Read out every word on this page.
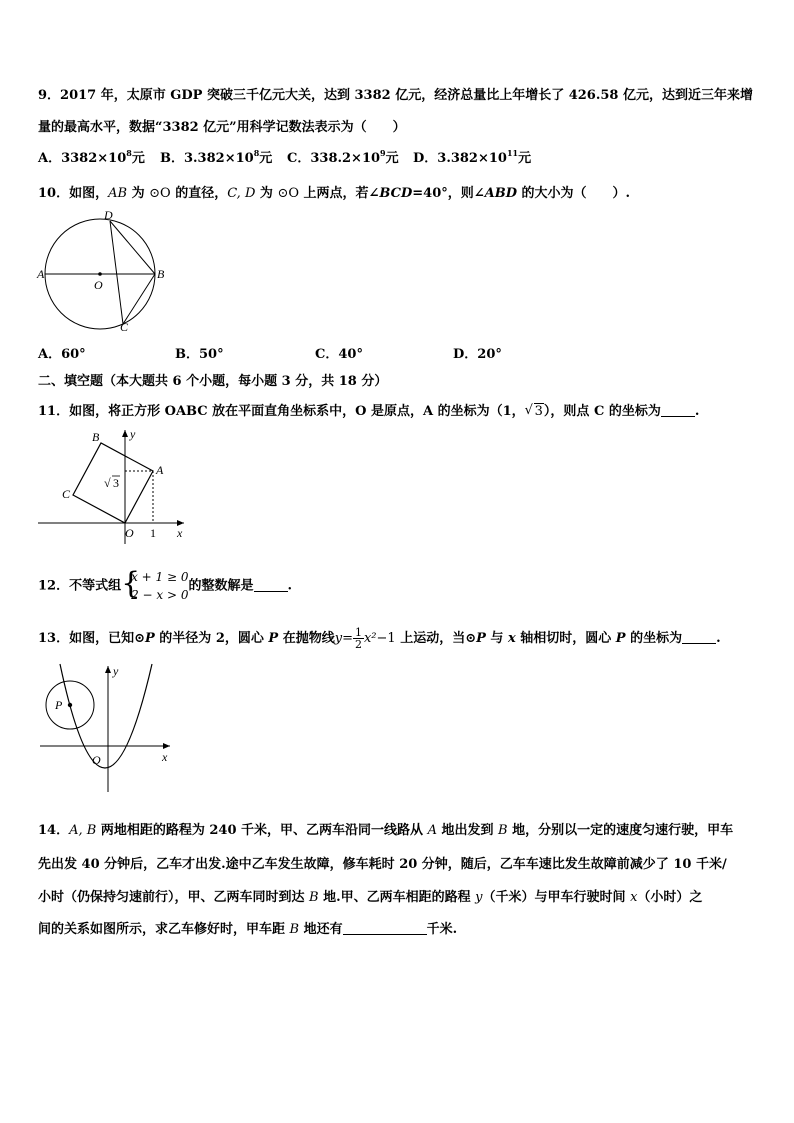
9．2017 年，太原市 GDP 突破三千亿元大关，达到 3382 亿元，经济总量比上年增长了 426.58 亿元，达到近三年来增
量的最高水平，数据“3382 亿元”用科学记数法表示为（　　）
A．$3382\times 10^8$元 B．$3.382\times 10^8$元 C．$338.2\times 10^9$元 D．$3.382\times 10^{11}$元
10．如图，AB 为 ⊙O 的直径，C, D 为 ⊙O 上两点，若∠BCD=40°，则∠ABD 的大小为（　　）.
D
A	B
O
C
A．60°	B．50°	C．40°	D．20°
二、填空题（本大题共 6 个小题，每小题 3 分，共 18 分）
11．如图，将正方形 OABC 放在平面直角坐标系中，O 是原点，A 的坐标为（1，√ 3），则点 C 的坐标为	.
B	y
A
√ 3
C
O 1 x
12．不等式组 {
x + 1 ≥ 0
2 − x > 0
的整数解是	.
13．如图，已知⊙P 的半径为 2，圆心 P 在抛物线$y= \frac{1}{2} x^2-1$ 上运动，当⊙P 与 x 轴相切时，圆心 P 的坐标为	.
y
P
x
O
14．A, B 两地相距的路程为 240 千米，甲、乙两车沿同一线路从 A 地出发到 B 地，分别以一定的速度匀速行驶，甲车
先出发 40 分钟后，乙车才出发.途中乙车发生故障，修车耗时 20 分钟，随后，乙车车速比发生故障前减少了 10 千米/
小时（仍保持匀速前行），甲、乙两车同时到达 B 地.甲、乙两车相距的路程 y（千米）与甲车行驶时间 x（小时）之
间的关系如图所示，求乙车修好时，甲车距 B 地还有	千米.
